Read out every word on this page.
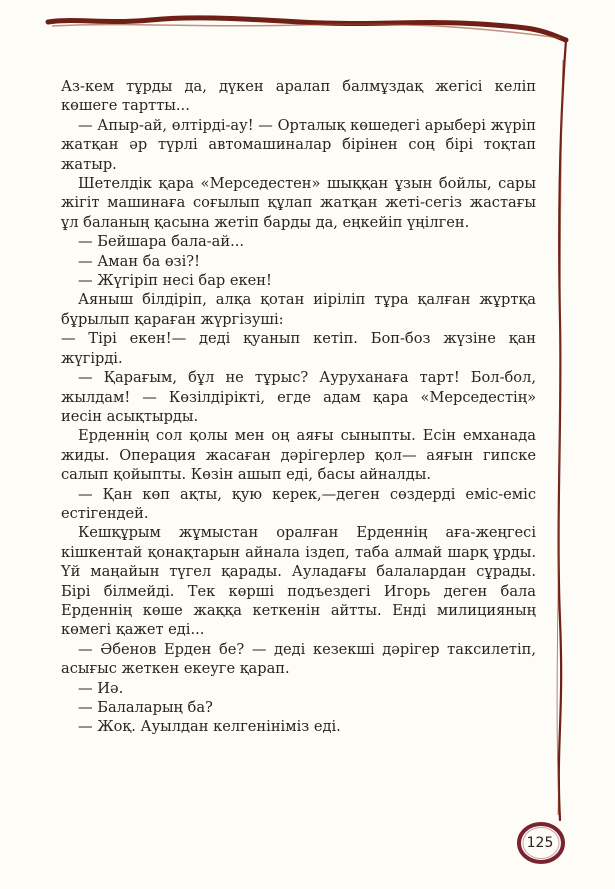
Аз-кем тұрды да, дүкен аралап балмұздақ жегісі келіп көшеге тартты...

— Апыр-ай, өлтірді-ау! — Орталық көшедегі арыбері жүріп жатқан әр түрлі автомашиналар бірінен соң бірі тоқтап жатыр.

Шетелдік қара «Мерседестен» шыққан ұзын бойлы, сары жігіт машинаға соғылып құлап жатқан жеті-сегіз жастағы ұл баланың қасына жетіп барды да, еңкейіп үңілген.

— Бейшара бала-ай...

— Аман ба өзі?!

— Жүгіріп несі бар екен!

Аяныш білдіріп, алқа қотан иіріліп тұра қалған жұртқа бұрылып қараған жүргізуші:

— Тірі екен!— деді қуанып кетіп. Боп-боз жүзіне қан жүгірді.

— Қарағым, бұл не тұрыс? Ауруханаға тарт! Бол-бол, жылдам! — Көзілдірікті, егде адам қара «Мерседестің» иесін асықтырды.

Ерденнің сол қолы мен оң аяғы сыныпты. Есін емханада жиды. Операция жасаған дәрігерлер қол— аяғын гипске салып қойыпты. Көзін ашып еді, басы айналды.

— Қан көп ақты, қую керек,—деген сөздерді еміс-еміс естігендей.

Кешқұрым жұмыстан оралған Ерденнің аға-жеңгесі кішкентай қонақтарын айнала іздеп, таба алмай шарқ ұрды. Үй маңайын түгел қарады. Ауладағы балалардан сұрады. Бірі білмейді. Тек көрші подъездегі Игорь деген бала Ерденнің көше жаққа кеткенін айтты. Енді милицияның көмегі қажет еді...

— Әбенов Ерден бе? — деді кезекші дәрігер таксилетіп, асығыс жеткен екеуге қарап.

— Иә.

— Балаларың ба?

— Жоқ. Ауылдан келгенініміз еді.

125
